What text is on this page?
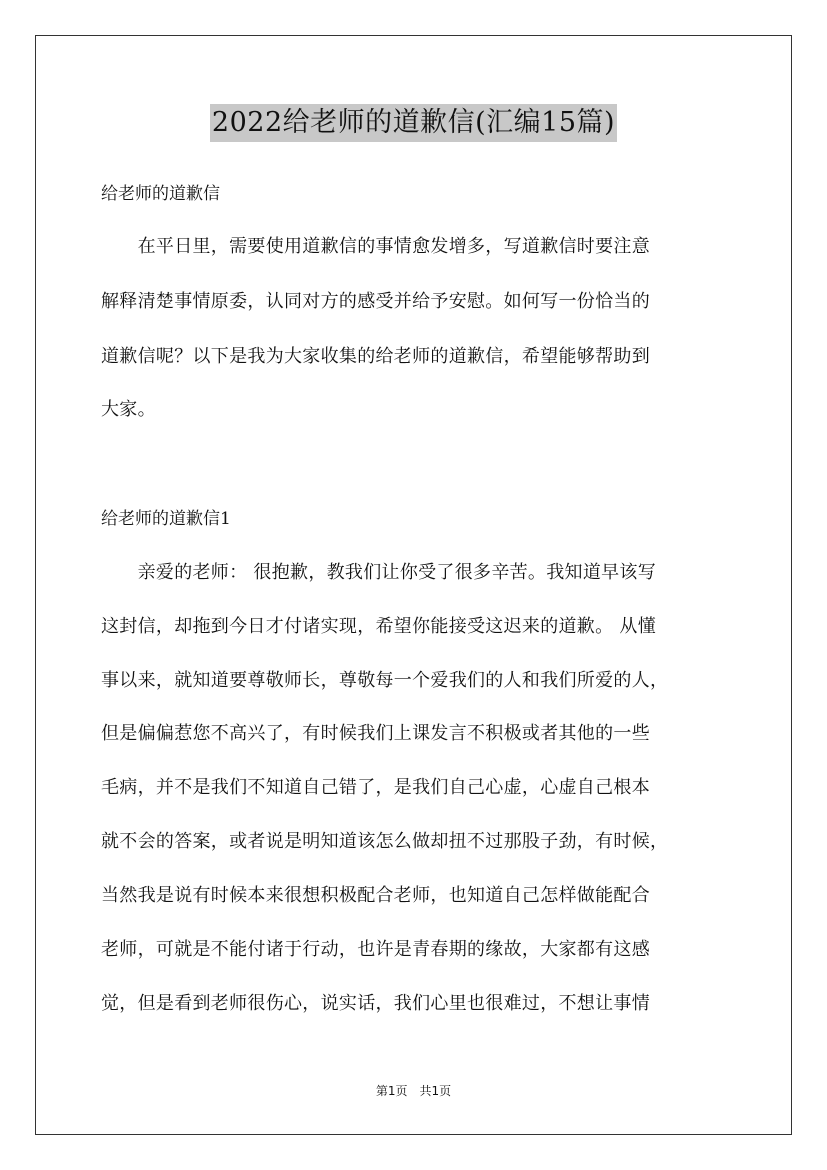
2022给老师的道歉信(汇编15篇)

给老师的道歉信

　　在平日里，需要使用道歉信的事情愈发增多，写道歉信时要注意

解释清楚事情原委，认同对方的感受并给予安慰。如何写一份恰当的

道歉信呢？以下是我为大家收集的给老师的道歉信，希望能够帮助到

大家。

给老师的道歉信1

　　亲爱的老师： 很抱歉，教我们让你受了很多辛苦。我知道早该写

这封信，却拖到今日才付诸实现，希望你能接受这迟来的道歉。 从懂

事以来，就知道要尊敬师长，尊敬每一个爱我们的人和我们所爱的人，

但是偏偏惹您不高兴了，有时候我们上课发言不积极或者其他的一些

毛病，并不是我们不知道自己错了，是我们自己心虚，心虚自己根本

就不会的答案，或者说是明知道该怎么做却扭不过那股子劲，有时候，

当然我是说有时候本来很想积极配合老师，也知道自己怎样做能配合

老师，可就是不能付诸于行动，也许是青春期的缘故，大家都有这感

觉，但是看到老师很伤心，说实话，我们心里也很难过，不想让事情

第1页　共1页
